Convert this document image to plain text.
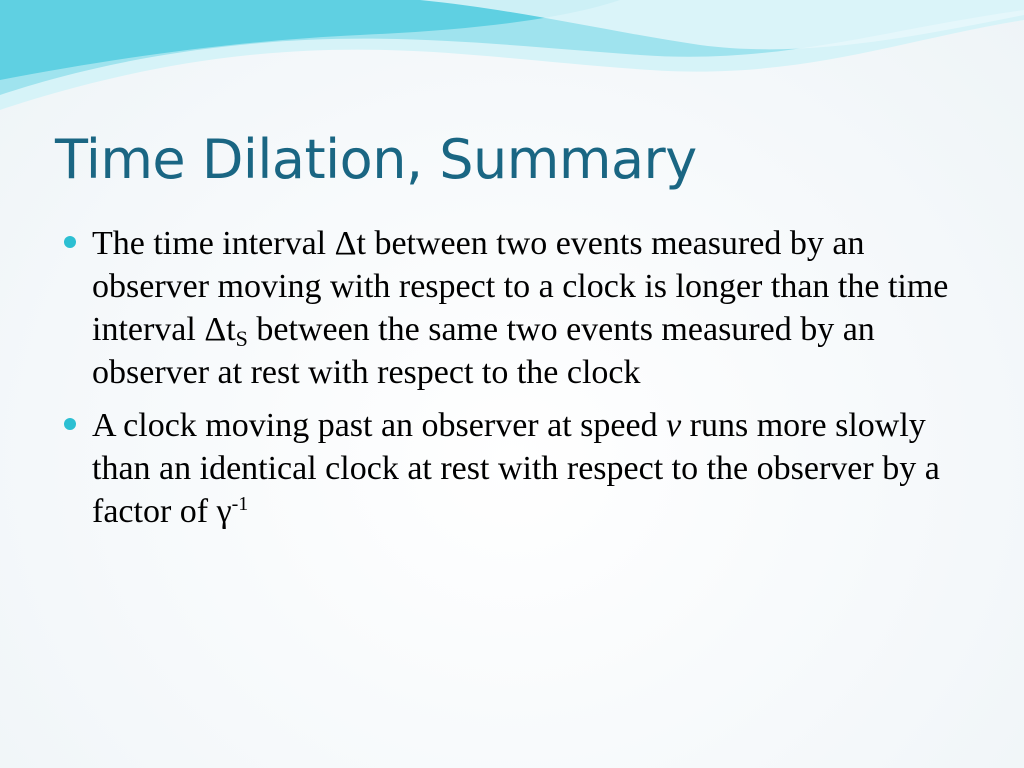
Time Dilation, Summary
The time interval Δt between two events measured by an observer moving with respect to a clock is longer than the time interval $\Delta t_S$ between the same two events measured by an observer at rest with respect to the clock
A clock moving past an observer at speed v runs more slowly than an identical clock at rest with respect to the observer by a factor of $\gamma^{-1}$
